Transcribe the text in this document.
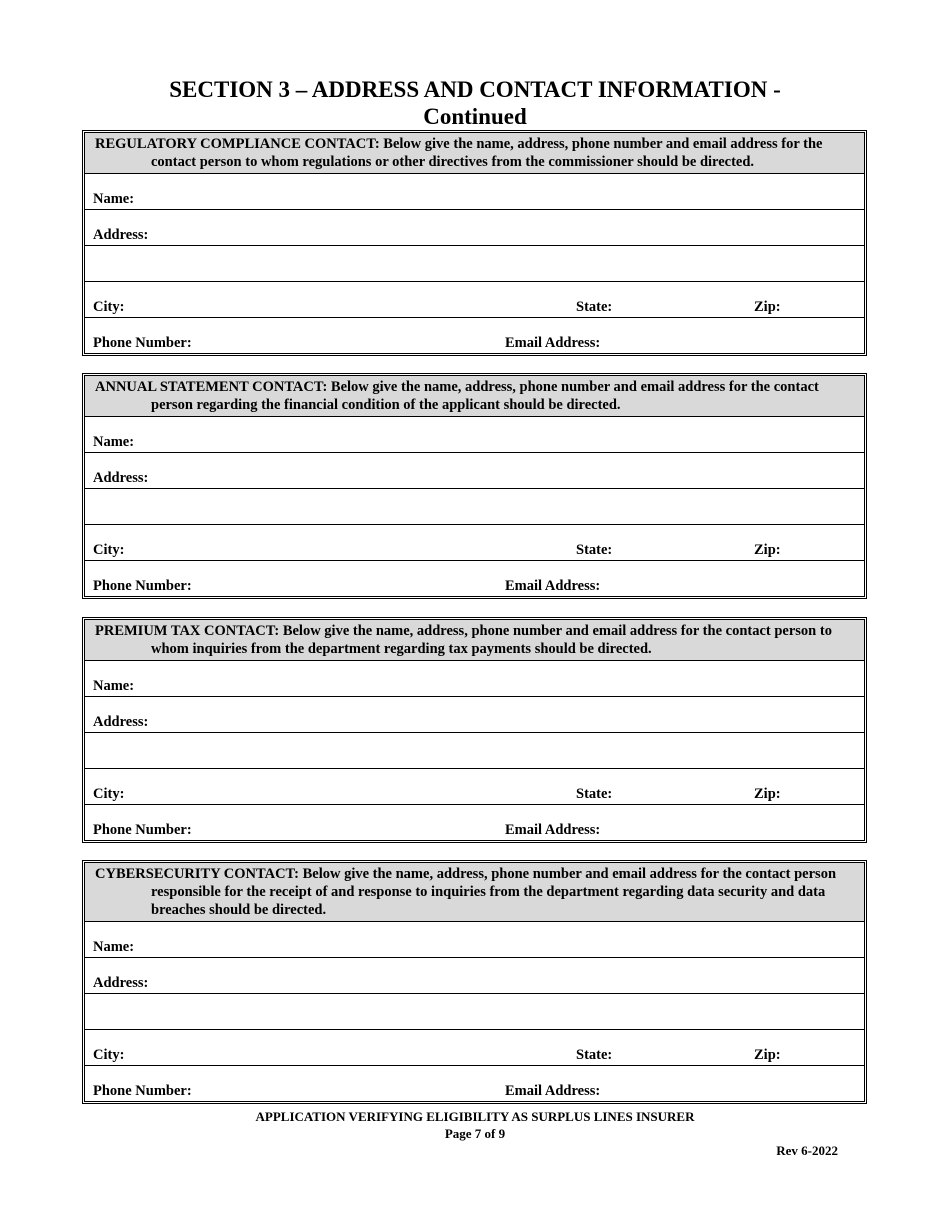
SECTION 3 – ADDRESS AND CONTACT INFORMATION -
Continued
REGULATORY COMPLIANCE CONTACT: Below give the name, address, phone number and email address for the contact person to whom regulations or other directives from the commissioner should be directed.
Name:
Address:
City:	State:	Zip:
Phone Number:	Email Address:
ANNUAL STATEMENT CONTACT: Below give the name, address, phone number and email address for the contact person regarding the financial condition of the applicant should be directed.
Name:
Address:
City:	State:	Zip:
Phone Number:	Email Address:
PREMIUM TAX CONTACT: Below give the name, address, phone number and email address for the contact person to whom inquiries from the department regarding tax payments should be directed.
Name:
Address:
City:	State:	Zip:
Phone Number:	Email Address:
CYBERSECURITY CONTACT: Below give the name, address, phone number and email address for the contact person responsible for the receipt of and response to inquiries from the department regarding data security and data breaches should be directed.
Name:
Address:
City:	State:	Zip:
Phone Number:	Email Address:
APPLICATION VERIFYING ELIGIBILITY AS SURPLUS LINES INSURER
Page 7 of 9
Rev 6-2022
